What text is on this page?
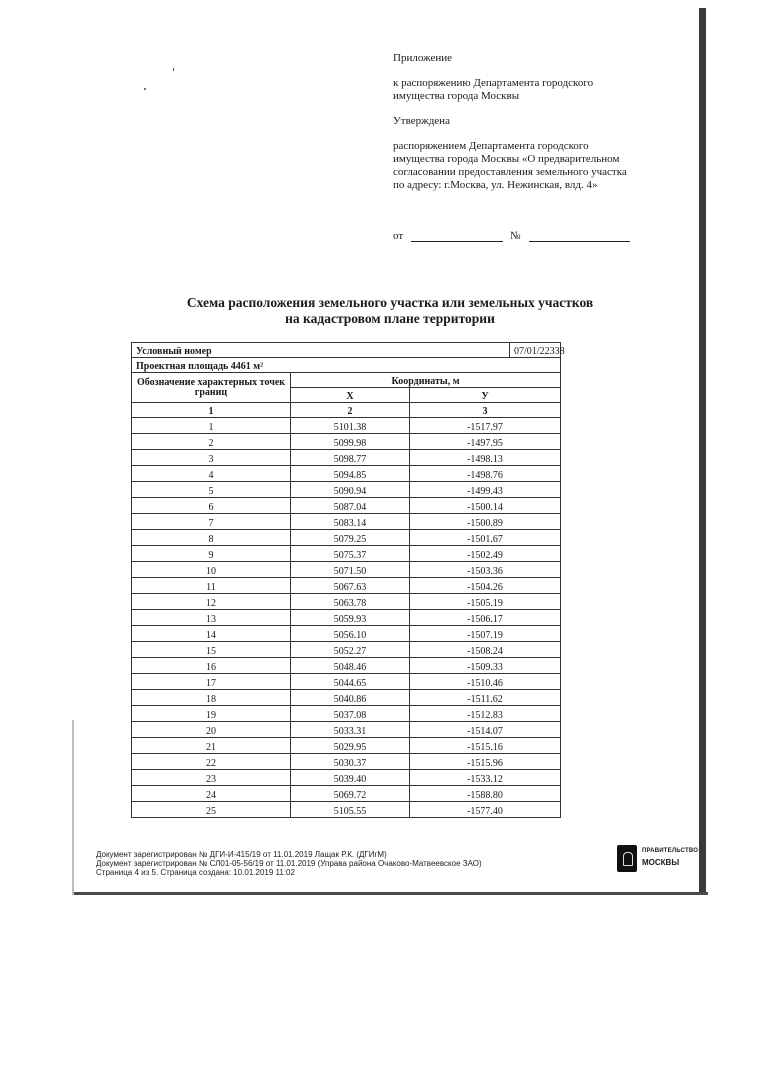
Приложение

к распоряжению Департамента городского имущества города Москвы

Утверждена

распоряжением Департамента городского имущества города Москвы «О предварительном согласовании предоставления земельного участка по адресу: г.Москва, ул. Нежинская, влд. 4»

от	№
Схема расположения земельного участка или земельных участков
на кадастровом плане территории
Условный номер			07/01/22338
Проектная площадь 4461 м²			
Обозначение характерных точек границ	Координаты, м		
	X	У	
1	2	3	
1	5101.38	-1517.97	
2	5099.98	-1497.95	
3	5098.77	-1498.13	
4	5094.85	-1498.76	
5	5090.94	-1499.43	
6	5087.04	-1500.14	
7	5083.14	-1500.89	
8	5079.25	-1501.67	
9	5075.37	-1502.49	
10	5071.50	-1503.36	
11	5067.63	-1504.26	
12	5063.78	-1505.19	
13	5059.93	-1506.17	
14	5056.10	-1507.19	
15	5052.27	-1508.24	
16	5048.46	-1509.33	
17	5044.65	-1510.46	
18	5040.86	-1511.62	
19	5037.08	-1512.83	
20	5033.31	-1514.07	
21	5029.95	-1515.16	
22	5030.37	-1515.96	
23	5039.40	-1533.12	
24	5069.72	-1588.80	
25	5105.55	-1577.40	
Документ зарегистрирован № ДГИ-И-415/19 от 11.01.2019 Лащак Р.К. (ДГИгМ)
Документ зарегистрирован № СЛ01-05-56/19 от 11.01.2019 (Управа района Очаково-Матвеевское ЗАО)
Страница 4 из 5. Страница создана: 10.01.2019 11:02
ПРАВИТЕЛЬСТВО
МОСКВЫ
